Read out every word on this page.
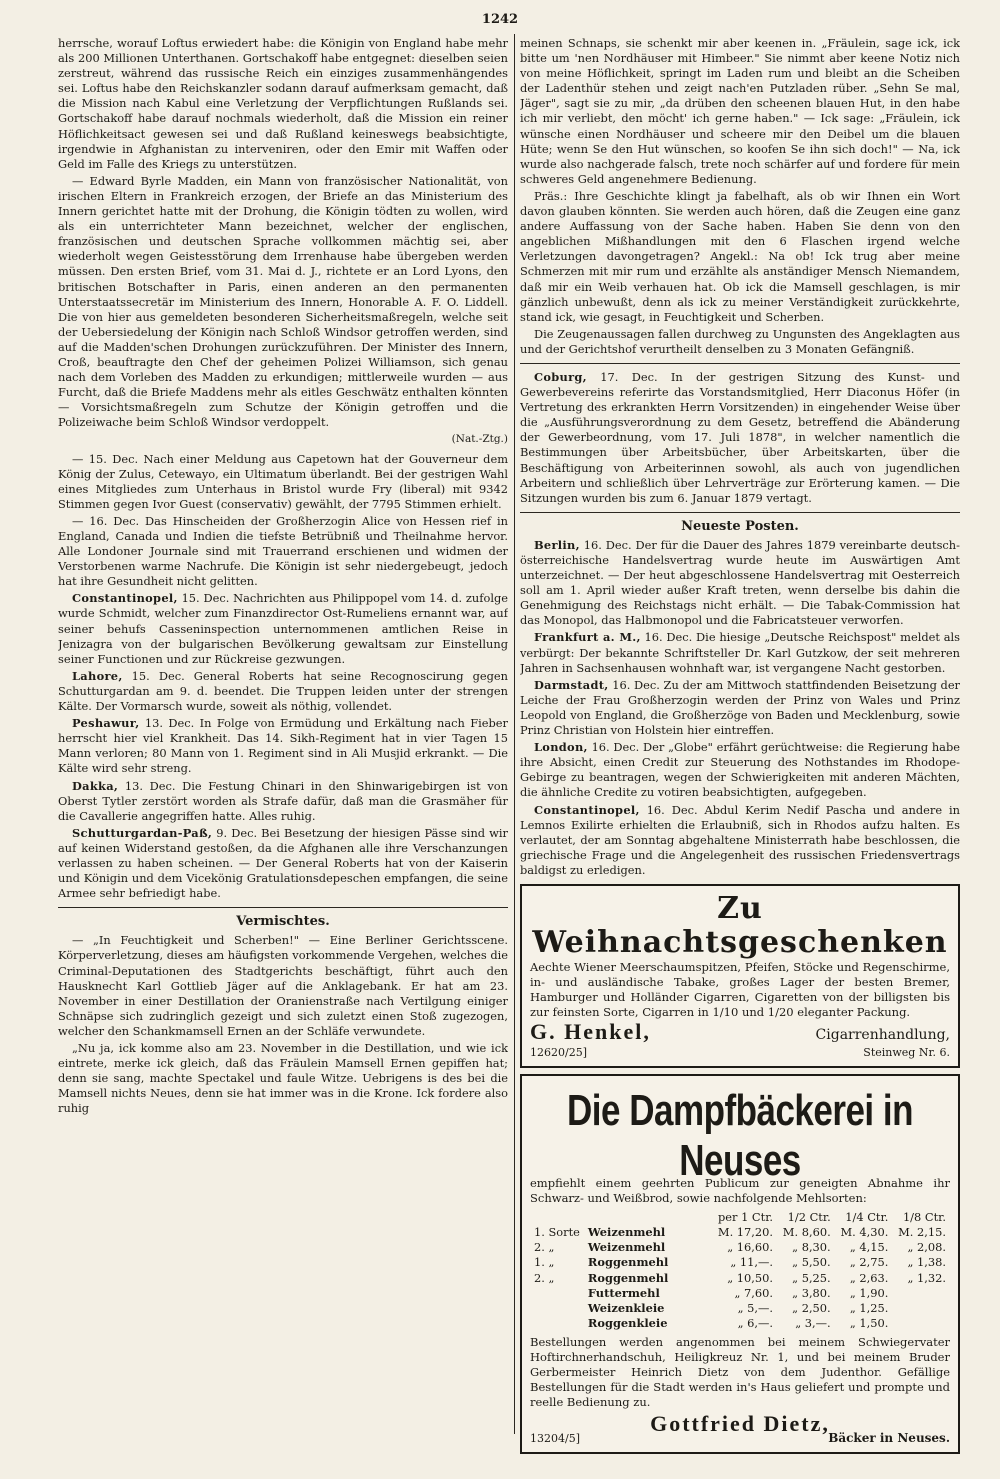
1242

herrsche, worauf Loftus erwiedert habe: die Königin von England habe mehr als 200 Millionen Unterthanen. Gortschakoff habe entgegnet: dieselben seien zerstreut, während das russische Reich ein einziges zusammenhängendes sei. Loftus habe den Reichskanzler sodann darauf aufmerksam gemacht, daß die Mission nach Kabul eine Verletzung der Verpflichtungen Rußlands sei. Gortschakoff habe darauf nochmals wiederholt, daß die Mission ein reiner Höflichkeitsact gewesen sei und daß Rußland keineswegs beabsichtigte, irgendwie in Afghanistan zu interveniren, oder den Emir mit Waffen oder Geld im Falle des Kriegs zu unterstützen.

— Edward Byrle Madden, ein Mann von französischer Nationalität, von irischen Eltern in Frankreich erzogen, der Briefe an das Ministerium des Innern gerichtet hatte mit der Drohung, die Königin tödten zu wollen, wird als ein unterrichteter Mann bezeichnet, welcher der englischen, französischen und deutschen Sprache vollkommen mächtig sei, aber wiederholt wegen Geistesstörung dem Irrenhause habe übergeben werden müssen. Den ersten Brief, vom 31. Mai d. J., richtete er an Lord Lyons, den britischen Botschafter in Paris, einen anderen an den permanenten Unterstaatssecretär im Ministerium des Innern, Honorable A. F. O. Liddell. Die von hier aus gemeldeten besonderen Sicherheitsmaßregeln, welche seit der Uebersiedelung der Königin nach Schloß Windsor getroffen werden, sind auf die Madden'schen Drohungen zurückzuführen. Der Minister des Innern, Croß, beauftragte den Chef der geheimen Polizei Williamson, sich genau nach dem Vorleben des Madden zu erkundigen; mittlerweile wurden — aus Furcht, daß die Briefe Maddens mehr als eitles Geschwätz enthalten könnten — Vorsichtsmaßregeln zum Schutze der Königin getroffen und die Polizeiwache beim Schloß Windsor verdoppelt.

(Nat.-Ztg.)

— 15. Dec. Nach einer Meldung aus Capetown hat der Gouverneur dem König der Zulus, Cetewayo, ein Ultimatum überlandt. Bei der gestrigen Wahl eines Mitgliedes zum Unterhaus in Bristol wurde Fry (liberal) mit 9342 Stimmen gegen Ivor Guest (conservativ) gewählt, der 7795 Stimmen erhielt.

— 16. Dec. Das Hinscheiden der Großherzogin Alice von Hessen rief in England, Canada und Indien die tiefste Betrübniß und Theilnahme hervor. Alle Londoner Journale sind mit Trauerrand erschienen und widmen der Verstorbenen warme Nachrufe. Die Königin ist sehr niedergebeugt, jedoch hat ihre Gesundheit nicht gelitten.

Constantinopel, 15. Dec. Nachrichten aus Philippopel vom 14. d. zufolge wurde Schmidt, welcher zum Finanzdirector Ost-Rumeliens ernannt war, auf seiner behufs Casseninspection unternommenen amtlichen Reise in Jenizagra von der bulgarischen Bevölkerung gewaltsam zur Einstellung seiner Functionen und zur Rückreise gezwungen.

Lahore, 15. Dec. General Roberts hat seine Recognoscirung gegen Schutturgardan am 9. d. beendet. Die Truppen leiden unter der strengen Kälte. Der Vormarsch wurde, soweit als nöthig, vollendet.

Peshawur, 13. Dec. In Folge von Ermüdung und Erkältung nach Fieber herrscht hier viel Krankheit. Das 14. Sikh-Regiment hat in vier Tagen 15 Mann verloren; 80 Mann von 1. Regiment sind in Ali Musjid erkrankt. — Die Kälte wird sehr streng.

Dakka, 13. Dec. Die Festung Chinari in den Shinwarigebirgen ist von Oberst Tytler zerstört worden als Strafe dafür, daß man die Grasmäher für die Cavallerie angegriffen hatte. Alles ruhig.

Schutturgardan-Paß, 9. Dec. Bei Besetzung der hiesigen Pässe sind wir auf keinen Widerstand gestoßen, da die Afghanen alle ihre Verschanzungen verlassen zu haben scheinen. — Der General Roberts hat von der Kaiserin und Königin und dem Vicekönig Gratulationsdepeschen empfangen, die seine Armee sehr befriedigt habe.

Vermischtes.

— „In Feuchtigkeit und Scherben!" — Eine Berliner Gerichtsscene. Körperverletzung, dieses am häufigsten vorkommende Vergehen, welches die Criminal-Deputationen des Stadtgerichts beschäftigt, führt auch den Hausknecht Karl Gottlieb Jäger auf die Anklagebank. Er hat am 23. November in einer Destillation der Oranienstraße nach Vertilgung einiger Schnäpse sich zudringlich gezeigt und sich zuletzt einen Stoß zugezogen, welcher den Schankmamsell Ernen an der Schläfe verwundete.

„Nu ja, ick komme also am 23. November in die Destillation, und wie ick eintrete, merke ick gleich, daß das Fräulein Mamsell Ernen gepiffen hat; denn sie sang, machte Spectakel und faule Witze. Uebrigens is des bei die Mamsell nichts Neues, denn sie hat immer was in die Krone. Ick fordere also ruhig

meinen Schnaps, sie schenkt mir aber keenen in. „Fräulein, sage ick, ick bitte um 'nen Nordhäuser mit Himbeer." Sie nimmt aber keene Notiz nich von meine Höflichkeit, springt im Laden rum und bleibt an die Scheiben der Ladenthür stehen und zeigt nach'en Putzladen rüber. „Sehn Se mal, Jäger", sagt sie zu mir, „da drüben den scheenen blauen Hut, in den habe ich mir verliebt, den möcht' ich gerne haben." — Ick sage: „Fräulein, ick wünsche einen Nordhäuser und scheere mir den Deibel um die blauen Hüte; wenn Se den Hut wünschen, so koofen Se ihn sich doch!" — Na, ick wurde also nachgerade falsch, trete noch schärfer auf und fordere für mein schweres Geld angenehmere Bedienung.

Präs.: Ihre Geschichte klingt ja fabelhaft, als ob wir Ihnen ein Wort davon glauben könnten. Sie werden auch hören, daß die Zeugen eine ganz andere Auffassung von der Sache haben. Haben Sie denn von den angeblichen Mißhandlungen mit den 6 Flaschen irgend welche Verletzungen davongetragen? Angekl.: Na ob! Ick trug aber meine Schmerzen mit mir rum und erzählte als anständiger Mensch Niemandem, daß mir ein Weib verhauen hat. Ob ick die Mamsell geschlagen, is mir gänzlich unbewußt, denn als ick zu meiner Verständigkeit zurückkehrte, stand ick, wie gesagt, in Feuchtigkeit und Scherben.

Die Zeugenaussagen fallen durchweg zu Ungunsten des Angeklagten aus und der Gerichtshof verurtheilt denselben zu 3 Monaten Gefängniß.

Coburg, 17. Dec. In der gestrigen Sitzung des Kunst- und Gewerbevereins referirte das Vorstandsmitglied, Herr Diaconus Höfer (in Vertretung des erkrankten Herrn Vorsitzenden) in eingehender Weise über die „Ausführungsverordnung zu dem Gesetz, betreffend die Abänderung der Gewerbeordnung, vom 17. Juli 1878", in welcher namentlich die Bestimmungen über Arbeitsbücher, über Arbeitskarten, über die Beschäftigung von Arbeiterinnen sowohl, als auch von jugendlichen Arbeitern und schließlich über Lehrverträge zur Erörterung kamen. — Die Sitzungen wurden bis zum 6. Januar 1879 vertagt.

Neueste Posten.

Berlin, 16. Dec. Der für die Dauer des Jahres 1879 vereinbarte deutsch-österreichische Handelsvertrag wurde heute im Auswärtigen Amt unterzeichnet. — Der heut abgeschlossene Handelsvertrag mit Oesterreich soll am 1. April wieder außer Kraft treten, wenn derselbe bis dahin die Genehmigung des Reichstags nicht erhält. — Die Tabak-Commission hat das Monopol, das Halbmonopol und die Fabricatsteuer verworfen.

Frankfurt a. M., 16. Dec. Die hiesige „Deutsche Reichspost" meldet als verbürgt: Der bekannte Schriftsteller Dr. Karl Gutzkow, der seit mehreren Jahren in Sachsenhausen wohnhaft war, ist vergangene Nacht gestorben.

Darmstadt, 16. Dec. Zu der am Mittwoch stattfindenden Beisetzung der Leiche der Frau Großherzogin werden der Prinz von Wales und Prinz Leopold von England, die Großherzöge von Baden und Mecklenburg, sowie Prinz Christian von Holstein hier eintreffen.

London, 16. Dec. Der „Globe" erfährt gerüchtweise: die Regierung habe ihre Absicht, einen Credit zur Steuerung des Nothstandes im Rhodope-Gebirge zu beantragen, wegen der Schwierigkeiten mit anderen Mächten, die ähnliche Credite zu votiren beabsichtigten, aufgegeben.

Constantinopel, 16. Dec. Abdul Kerim Nedif Pascha und andere in Lemnos Exilirte erhielten die Erlaubniß, sich in Rhodos aufzu halten. Es verlautet, der am Sonntag abgehaltene Ministerrath habe beschlossen, die griechische Frage und die Angelegenheit des russischen Friedensvertrags baldigst zu erledigen.

Zu Weihnachtsgeschenken
Aechte Wiener Meerschaumspitzen, Pfeifen, Stöcke und Regenschirme, in- und ausländische Tabake, großes Lager der besten Bremer, Hamburger und Holländer Cigarren, Cigaretten von der billigsten bis zur feinsten Sorte, Cigarren in 1/10 und 1/20 eleganter Packung.
G. Henkel,	Cigarrenhandlung,
12620/25]	Steinweg Nr. 6.
Die Dampfbäckerei in Neuses
empfiehlt einem geehrten Publicum zur geneigten Abnahme ihr Schwarz- und Weißbrod, sowie nachfolgende Mehlsorten:
		per 1 Ctr.	1/2 Ctr.	1/4 Ctr.	1/8 Ctr.
1. Sorte	Weizenmehl	M. 17,20.	M. 8,60.	M. 4,30.	M. 2,15.
2. „	Weizenmehl	„ 16,60.	„ 8,30.	„ 4,15.	„ 2,08.
1. „	Roggenmehl	„ 11,—.	„ 5,50.	„ 2,75.	„ 1,38.
2. „	Roggenmehl	„ 10,50.	„ 5,25.	„ 2,63.	„ 1,32.
	Futtermehl	„ 7,60.	„ 3,80.	„ 1,90.	
	Weizenkleie	„ 5,—.	„ 2,50.	„ 1,25.	
	Roggenkleie	„ 6,—.	„ 3,—.	„ 1,50.	
Bestellungen werden angenommen bei meinem Schwiegervater Hoftirchnerhandschuh, Heiligkreuz Nr. 1, und bei meinem Bruder Gerbermeister Heinrich Dietz von dem Judenthor. Gefällige Bestellungen für die Stadt werden in's Haus geliefert und prompte und reelle Bedienung zu.
Gottfried Dietz,
13204/5]	Bäcker in Neuses.
